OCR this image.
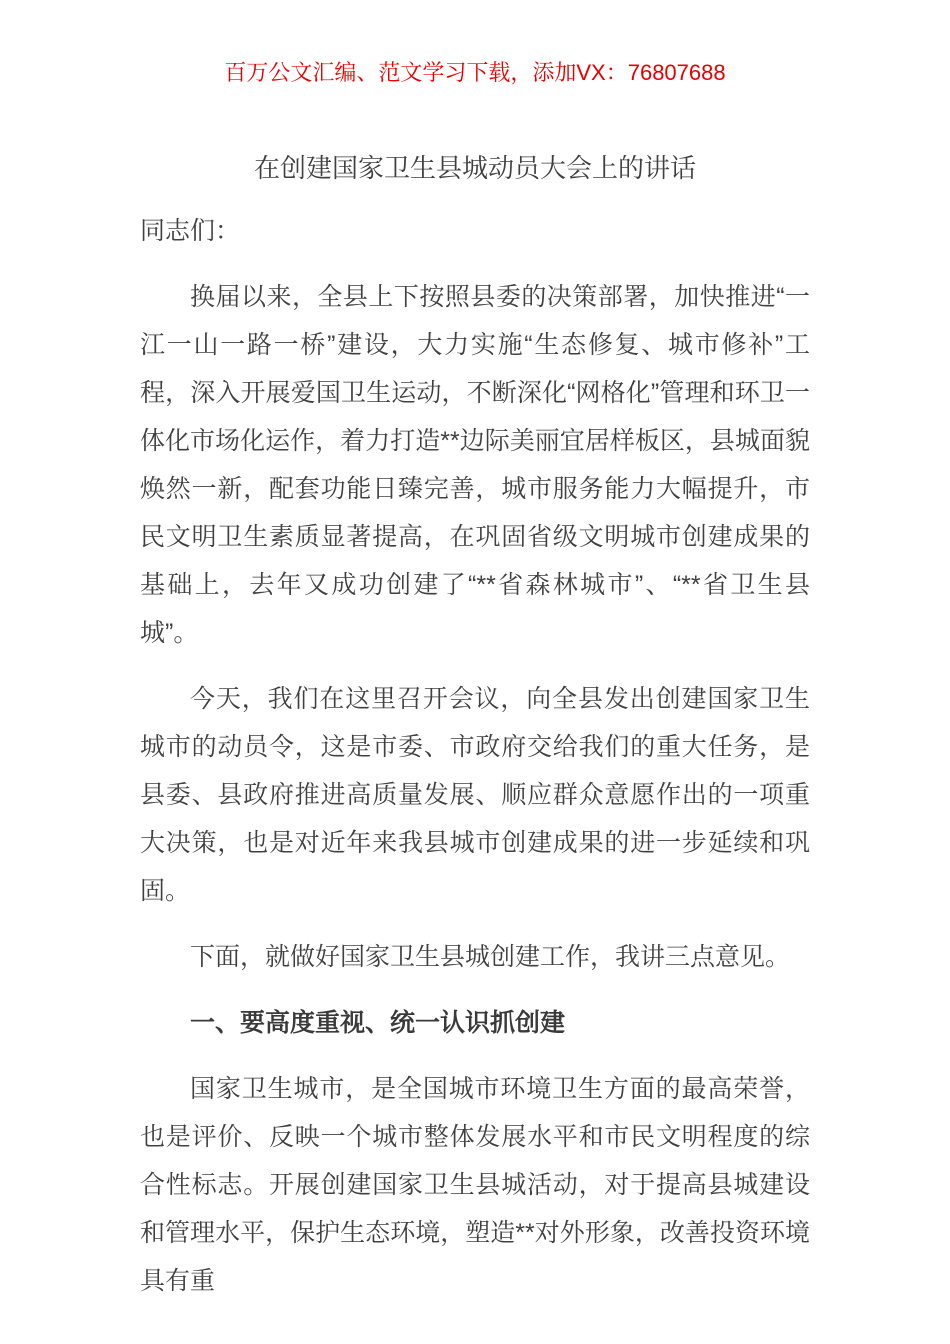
百万公文汇编、范文学习下载，添加VX：76807688
在创建国家卫生县城动员大会上的讲话

同志们：

换届以来，全县上下按照县委的决策部署，加快推进“一江一山一路一桥”建设，大力实施“生态修复、城市修补”工程，深入开展爱国卫生运动，不断深化“网格化”管理和环卫一体化市场化运作，着力打造**边际美丽宜居样板区，县城面貌焕然一新，配套功能日臻完善，城市服务能力大幅提升，市民文明卫生素质显著提高，在巩固省级文明城市创建成果的基础上，去年又成功创建了“**省森林城市”、“**省卫生县城”。

今天，我们在这里召开会议，向全县发出创建国家卫生城市的动员令，这是市委、市政府交给我们的重大任务，是县委、县政府推进高质量发展、顺应群众意愿作出的一项重大决策，也是对近年来我县城市创建成果的进一步延续和巩固。

下面，就做好国家卫生县城创建工作，我讲三点意见。

一、要高度重视、统一认识抓创建

国家卫生城市，是全国城市环境卫生方面的最高荣誉，也是评价、反映一个城市整体发展水平和市民文明程度的综合性标志。开展创建国家卫生县城活动，对于提高县城建设和管理水平，保护生态环境，塑造**对外形象，改善投资环境具有重
